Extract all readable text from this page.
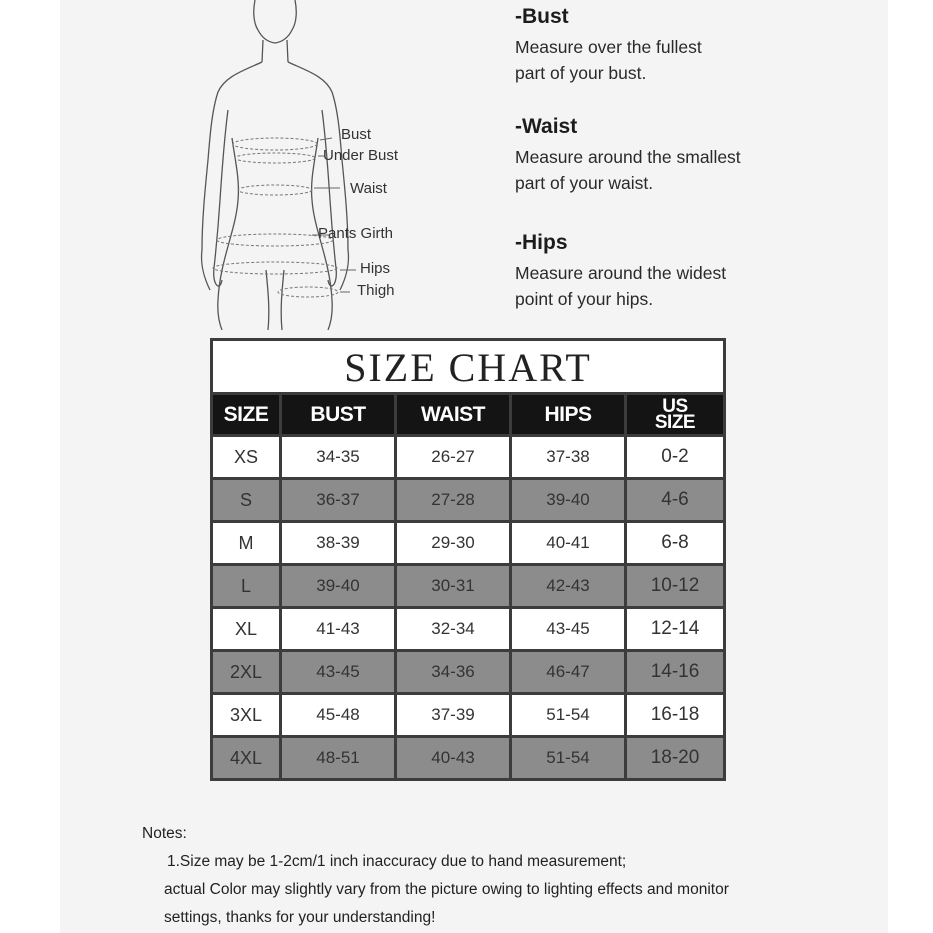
Bust
Under Bust
Waist
Pants Girth
Hips
Thigh
-Bust
Measure over the fullest
part of your bust.
-Waist
Measure around the smallest
part of your waist.
-Hips
Measure around the widest
point of your hips.
SIZE CHART
SIZE	BUST	WAIST	HIPS	US
SIZE
XS	34-35	26-27	37-38	0-2
S	36-37	27-28	39-40	4-6
M	38-39	29-30	40-41	6-8
L	39-40	30-31	42-43	10-12
XL	41-43	32-34	43-45	12-14
2XL	43-45	34-36	46-47	14-16
3XL	45-48	37-39	51-54	16-18
4XL	48-51	40-43	51-54	18-20
Notes:
1.Size may be 1-2cm/1 inch inaccuracy due to hand measurement;
actual Color may slightly vary from the picture owing to lighting effects and monitor
settings, thanks for your understanding!
